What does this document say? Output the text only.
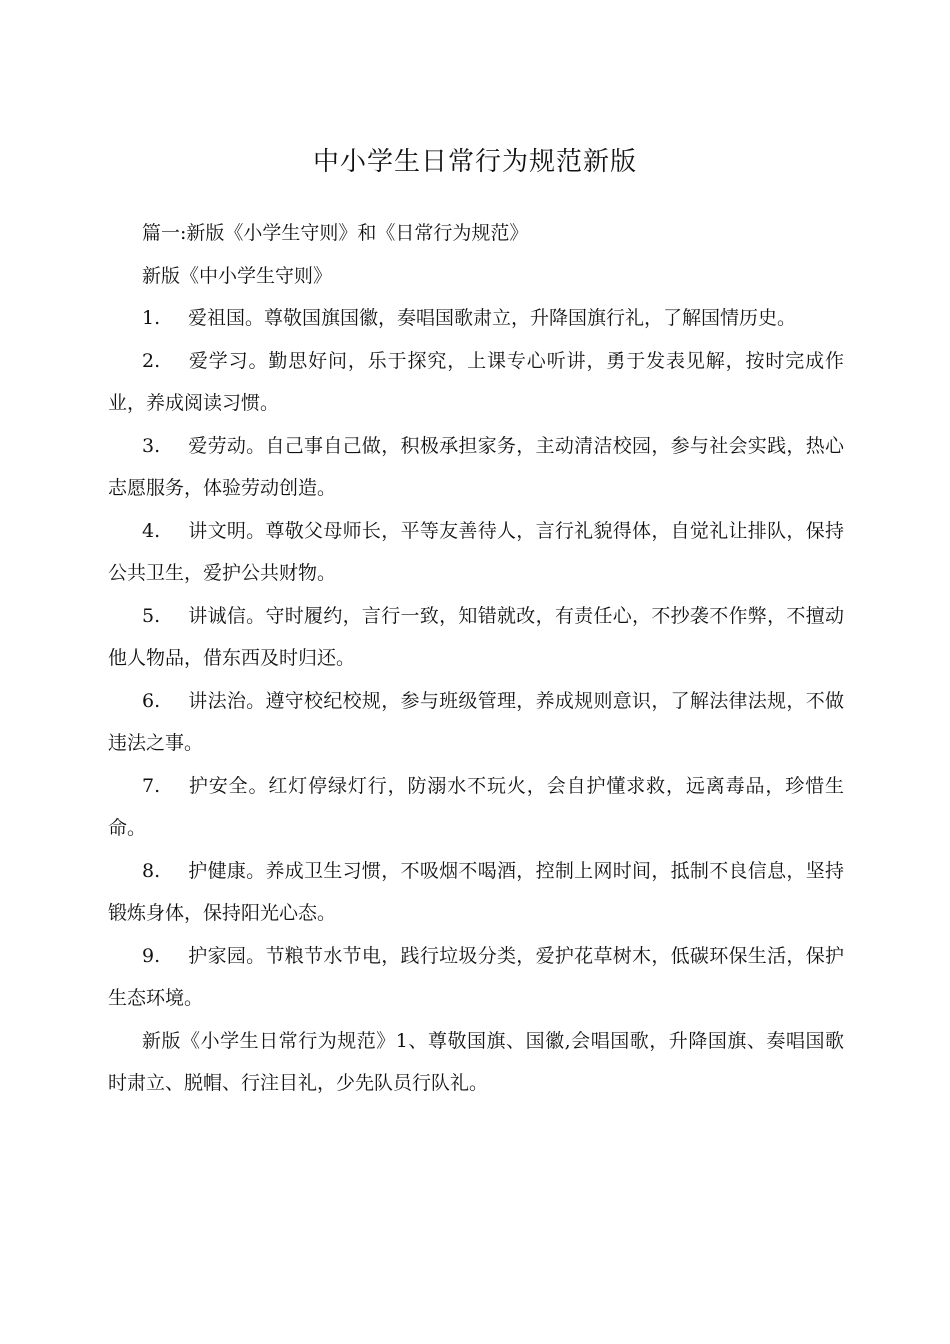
中小学生日常行为规范新版

篇一:新版《小学生守则》和《日常行为规范》

新版《中小学生守则》

1. 爱祖国。尊敬国旗国徽，奏唱国歌肃立，升降国旗行礼，了解国情历史。

2. 爱学习。勤思好问，乐于探究，上课专心听讲，勇于发表见解，按时完成作业，养成阅读习惯。

3. 爱劳动。自己事自己做，积极承担家务，主动清洁校园，参与社会实践，热心志愿服务，体验劳动创造。

4. 讲文明。尊敬父母师长，平等友善待人，言行礼貌得体，自觉礼让排队，保持公共卫生，爱护公共财物。

5. 讲诚信。守时履约，言行一致，知错就改，有责任心，不抄袭不作弊，不擅动他人物品，借东西及时归还。

6. 讲法治。遵守校纪校规，参与班级管理，养成规则意识，了解法律法规，不做违法之事。

7. 护安全。红灯停绿灯行，防溺水不玩火，会自护懂求救，远离毒品，珍惜生命。

8. 护健康。养成卫生习惯，不吸烟不喝酒，控制上网时间，抵制不良信息，坚持锻炼身体，保持阳光心态。

9. 护家园。节粮节水节电，践行垃圾分类，爱护花草树木，低碳环保生活，保护生态环境。

新版《小学生日常行为规范》1、尊敬国旗、国徽,会唱国歌，升降国旗、奏唱国歌时肃立、脱帽、行注目礼，少先队员行队礼。
